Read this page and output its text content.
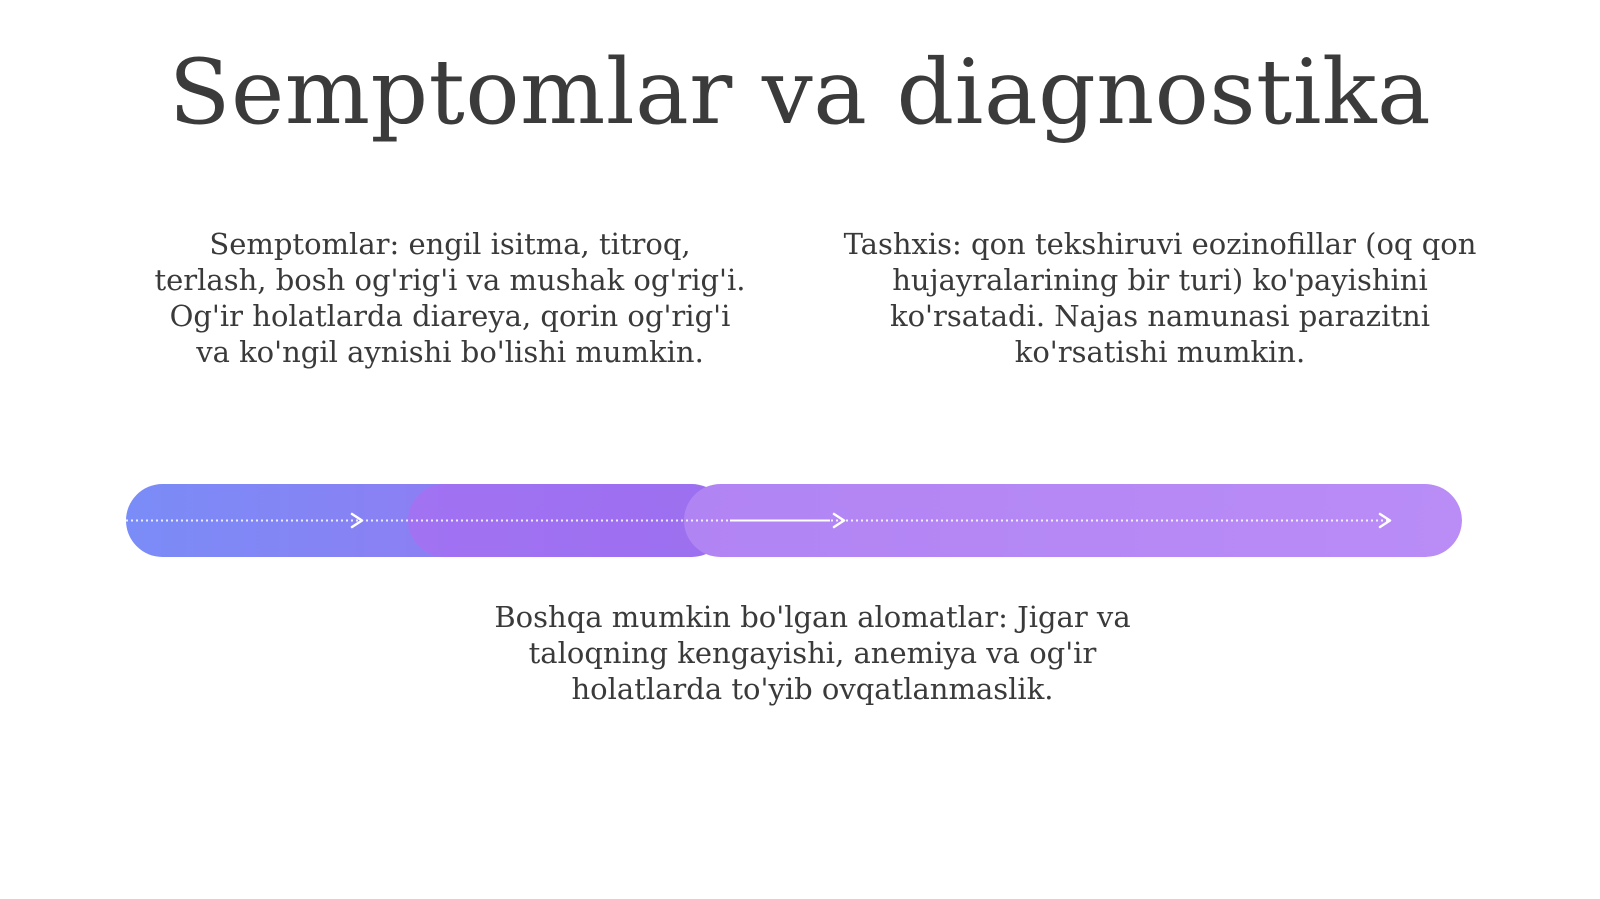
Semptomlar va diagnostika
Semptomlar: engil isitma, titroq, terlash, bosh og'rig'i va mushak og'rig'i. Og'ir holatlarda diareya, qorin og'rig'i va ko'ngil aynishi bo'lishi mumkin.
Tashxis: qon tekshiruvi eozinofillar (oq qon hujayralarining bir turi) ko'payishini ko'rsatadi. Najas namunasi parazitni ko'rsatishi mumkin.
Boshqa mumkin bo'lgan alomatlar: Jigar va taloqning kengayishi, anemiya va og'ir holatlarda to'yib ovqatlanmaslik.
